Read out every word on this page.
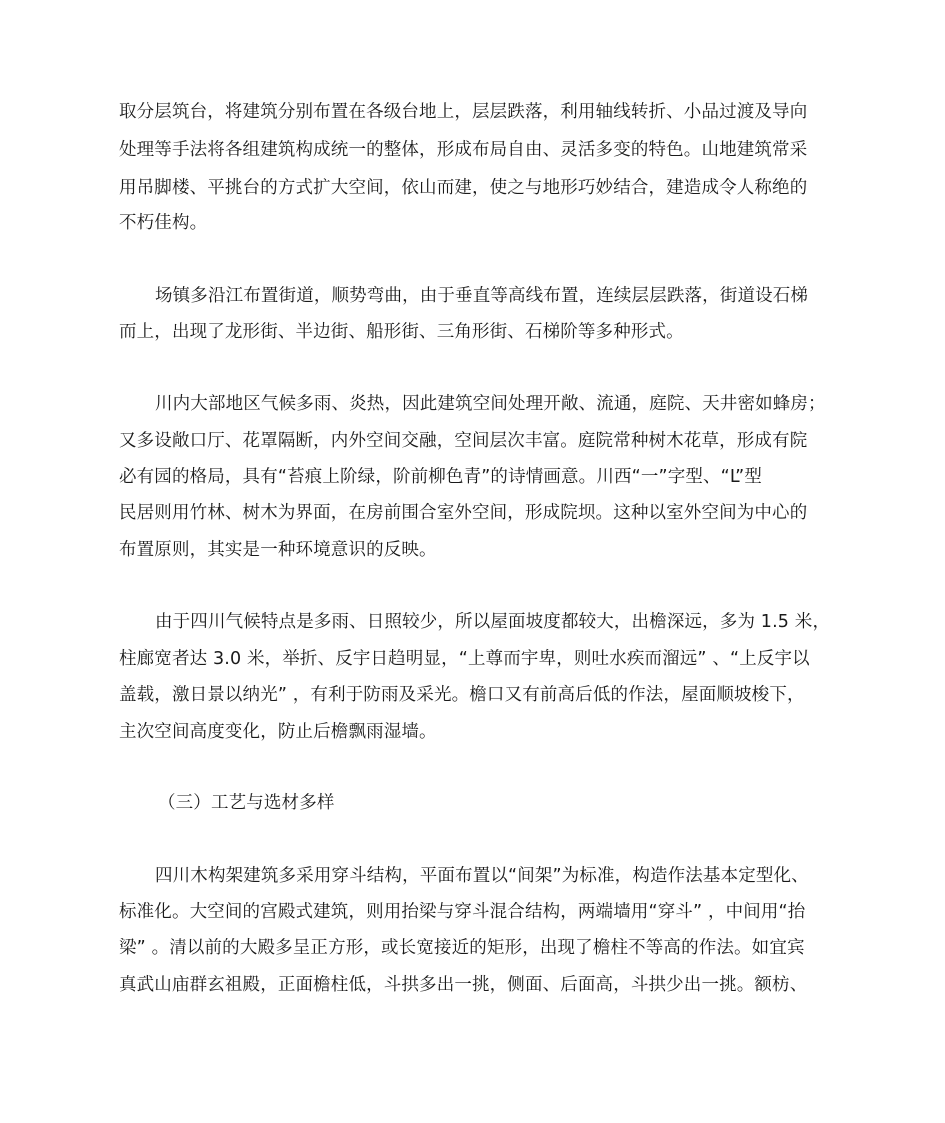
取分层筑台，将建筑分别布置在各级台地上，层层跌落，利用轴线转折、小品过渡及导向
处理等手法将各组建筑构成统一的整体，形成布局自由、灵活多变的特色。山地建筑常采
用吊脚楼、平挑台的方式扩大空间，依山而建，使之与地形巧妙结合，建造成令人称绝的
不朽佳构。
场镇多沿江布置街道，顺势弯曲，由于垂直等高线布置，连续层层跌落，街道设石梯
而上，出现了龙形街、半边街、船形街、三角形街、石梯阶等多种形式。
川内大部地区气候多雨、炎热，因此建筑空间处理开敞、流通，庭院、天井密如蜂房；
又多设敞口厅、花罩隔断，内外空间交融，空间层次丰富。庭院常种树木花草，形成有院
必有园的格局，具有“苔痕上阶绿，阶前柳色青”的诗情画意。川西“一”字型、“L”型
民居则用竹林、树木为界面，在房前围合室外空间，形成院坝。这种以室外空间为中心的
布置原则，其实是一种环境意识的反映。
由于四川气候特点是多雨、日照较少，所以屋面坡度都较大，出檐深远，多为 1.5 米，
柱廊宽者达 3.0 米，举折、反宇日趋明显，“上尊而宇卑，则吐水疾而溜远” 、“上反宇以
盖载，激日景以纳光” ，有利于防雨及采光。檐口又有前高后低的作法，屋面顺坡梭下，
主次空间高度变化，防止后檐飘雨湿墙。
（三）工艺与选材多样
四川木构架建筑多采用穿斗结构，平面布置以“间架”为标准，构造作法基本定型化、
标准化。大空间的宫殿式建筑，则用抬梁与穿斗混合结构，两端墙用“穿斗” ，中间用“抬
梁” 。清以前的大殿多呈正方形，或长宽接近的矩形，出现了檐柱不等高的作法。如宜宾
真武山庙群玄祖殿，正面檐柱低，斗拱多出一挑，侧面、后面高，斗拱少出一挑。额枋、
